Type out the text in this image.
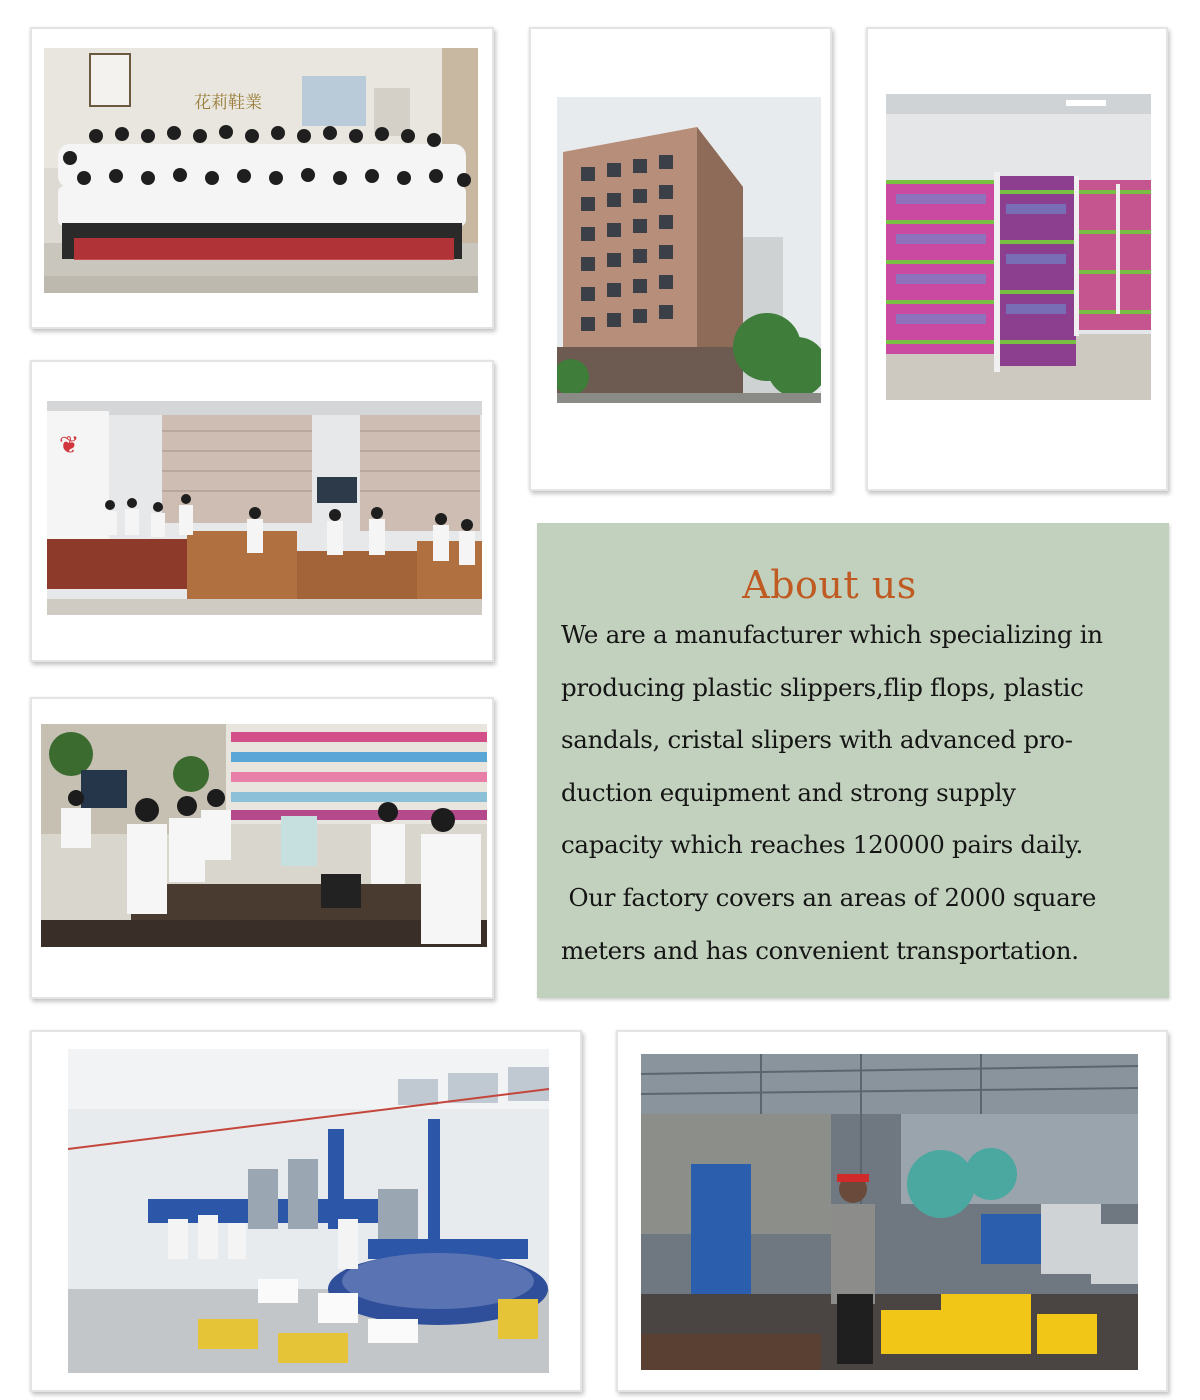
花莉鞋業
❦
About us
We are a manufacturer which specializing in
producing plastic slippers,flip flops, plastic
sandals, cristal slipers with advanced pro-
duction equipment and strong supply
capacity which reaches 120000 pairs daily.
Our factory covers an areas of 2000 square
meters and has convenient transportation.
